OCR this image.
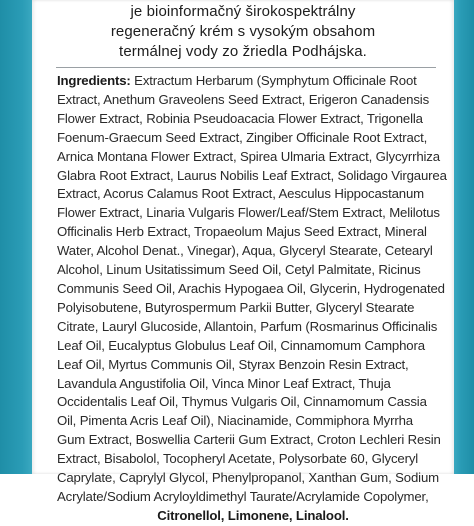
je bioinformačný širokospektrálny
regeneračný krém s vysokým obsahom
termálnej vody zo žriedla Podhájska.
Ingredients: Extractum Herbarum (Symphytum Officinale Root
Extract, Anethum Graveolens Seed Extract, Erigeron Canadensis
Flower Extract, Robinia Pseudoacacia Flower Extract, Trigonella
Foenum-Graecum Seed Extract, Zingiber Officinale Root Extract,
Arnica Montana Flower Extract, Spirea Ulmaria Extract, Glycyrrhiza
Glabra Root Extract, Laurus Nobilis Leaf Extract, Solidago Virgaurea
Extract, Acorus Calamus Root Extract, Aesculus Hippocastanum
Flower Extract, Linaria Vulgaris Flower/Leaf/Stem Extract, Melilotus
Officinalis Herb Extract, Tropaeolum Majus Seed Extract, Mineral
Water, Alcohol Denat., Vinegar), Aqua, Glyceryl Stearate, Cetearyl
Alcohol, Linum Usitatissimum Seed Oil, Cetyl Palmitate, Ricinus
Communis Seed Oil, Arachis Hypogaea Oil, Glycerin, Hydrogenated
Polyisobutene, Butyrospermum Parkii Butter, Glyceryl Stearate
Citrate, Lauryl Glucoside, Allantoin, Parfum (Rosmarinus Officinalis
Leaf Oil, Eucalyptus Globulus Leaf Oil, Cinnamomum Camphora
Leaf Oil, Myrtus Communis Oil, Styrax Benzoin Resin Extract,
Lavandula Angustifolia Oil, Vinca Minor Leaf Extract, Thuja
Occidentalis Leaf Oil, Thymus Vulgaris Oil, Cinnamomum Cassia
Oil, Pimenta Acris Leaf Oil), Niacinamide, Commiphora Myrrha
Gum Extract, Boswellia Carterii Gum Extract, Croton Lechleri Resin
Extract, Bisabolol, Tocopheryl Acetate, Polysorbate 60, Glyceryl
Caprylate, Caprylyl Glycol, Phenylpropanol, Xanthan Gum, Sodium
Acrylate/Sodium Acryloyldimethyl Taurate/Acrylamide Copolymer,
Citronellol, Limonene, Linalool.
